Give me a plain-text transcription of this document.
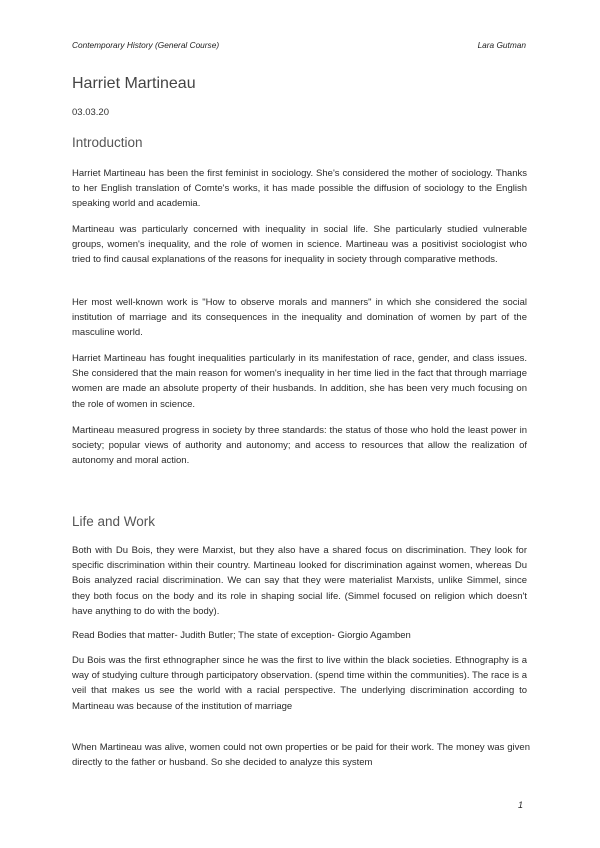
Contemporary History (General Course)	Lara Gutman
Harriet Martineau
03.03.20
Introduction

Harriet Martineau has been the first feminist in sociology. She's considered the mother of sociology. Thanks to her English translation of Comte's works, it has made possible the diffusion of sociology to the English speaking world and academia.

Martineau was particularly concerned with inequality in social life. She particularly studied vulnerable groups, women's inequality, and the role of women in science. Martineau was a positivist sociologist who tried to find causal explanations of the reasons for inequality in society through comparative methods.

Her most well-known work is "How to observe morals and manners" in which she considered the social institution of marriage and its consequences in the inequality and domination of women by part of the masculine world.

Harriet Martineau has fought inequalities particularly in its manifestation of race, gender, and class issues. She considered that the main reason for women's inequality in her time lied in the fact that through marriage women are made an absolute property of their husbands. In addition, she has been very much focusing on the role of women in science.

Martineau measured progress in society by three standards: the status of those who hold the least power in society; popular views of authority and autonomy; and access to resources that allow the realization of autonomy and moral action.

Life and Work

Both with Du Bois, they were Marxist, but they also have a shared focus on discrimination. They look for specific discrimination within their country. Martineau looked for discrimination against women, whereas Du Bois analyzed racial discrimination. We can say that they were materialist Marxists, unlike Simmel, since they both focus on the body and its role in shaping social life. (Simmel focused on religion which doesn't have anything to do with the body).

Read Bodies that matter- Judith Butler; The state of exception- Giorgio Agamben

Du Bois was the first ethnographer since he was the first to live within the black societies. Ethnography is a way of studying culture through participatory observation. (spend time within the communities). The race is a veil that makes us see the world with a racial perspective. The underlying discrimination according to Martineau was because of the institution of marriage

When Martineau was alive, women could not own properties or be paid for their work. The money was given directly to the father or husband. So she decided to analyze this system

1
